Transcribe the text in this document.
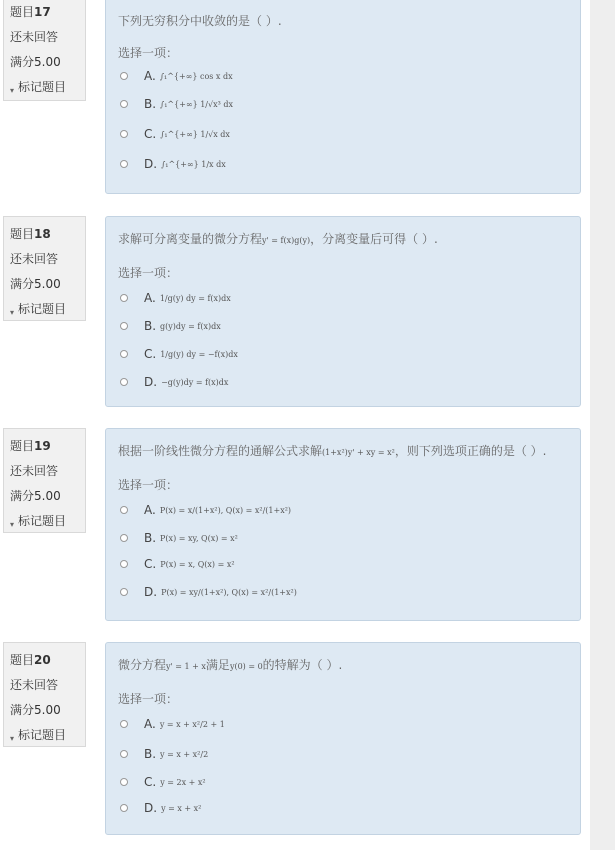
题目17
还未回答
满分5.00
▾ 标记题目
下列无穷积分中收敛的是（ ）.
选择一项：
A. ∫₁^{+∞} cos x dx
B. ∫₁^{+∞} 1/√x³ dx
C. ∫₁^{+∞} 1/√x dx
D. ∫₁^{+∞} 1/x dx
题目18
还未回答
满分5.00
▾ 标记题目
求解可分离变量的微分方程y' = f(x)g(y)，分离变量后可得（ ）.
选择一项：
A. 1/g(y) dy = f(x)dx
B. g(y)dy = f(x)dx
C. 1/g(y) dy = −f(x)dx
D. −g(y)dy = f(x)dx
题目19
还未回答
满分5.00
▾ 标记题目
根据一阶线性微分方程的通解公式求解(1+x²)y' + xy = x²，则下列选项正确的是（ ）.
选择一项：
A. P(x) = x/(1+x²), Q(x) = x²/(1+x²)
B. P(x) = xy, Q(x) = x²
C. P(x) = x, Q(x) = x²
D. P(x) = xy/(1+x²), Q(x) = x²/(1+x²)
题目20
还未回答
满分5.00
▾ 标记题目
微分方程y' = 1 + x满足y(0) = 0的特解为（ ）.
选择一项：
A. y = x + x²/2 + 1
B. y = x + x²/2
C. y = 2x + x²
D. y = x + x²
